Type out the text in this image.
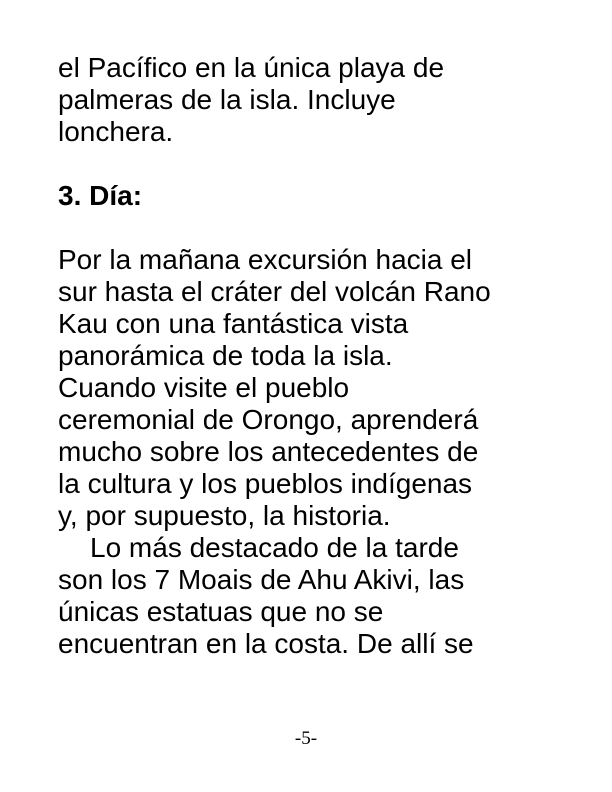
el Pacífico en la única playa de
palmeras de la isla. Incluye
lonchera.
3. Día:
Por la mañana excursión hacia el
sur hasta el cráter del volcán Rano
Kau con una fantástica vista
panorámica de toda la isla.
Cuando visite el pueblo
ceremonial de Orongo, aprenderá
mucho sobre los antecedentes de
la cultura y los pueblos indígenas
y, por supuesto, la historia.
Lo más destacado de la tarde
son los 7 Moais de Ahu Akivi, las
únicas estatuas que no se
encuentran en la costa. De allí se
-5-
